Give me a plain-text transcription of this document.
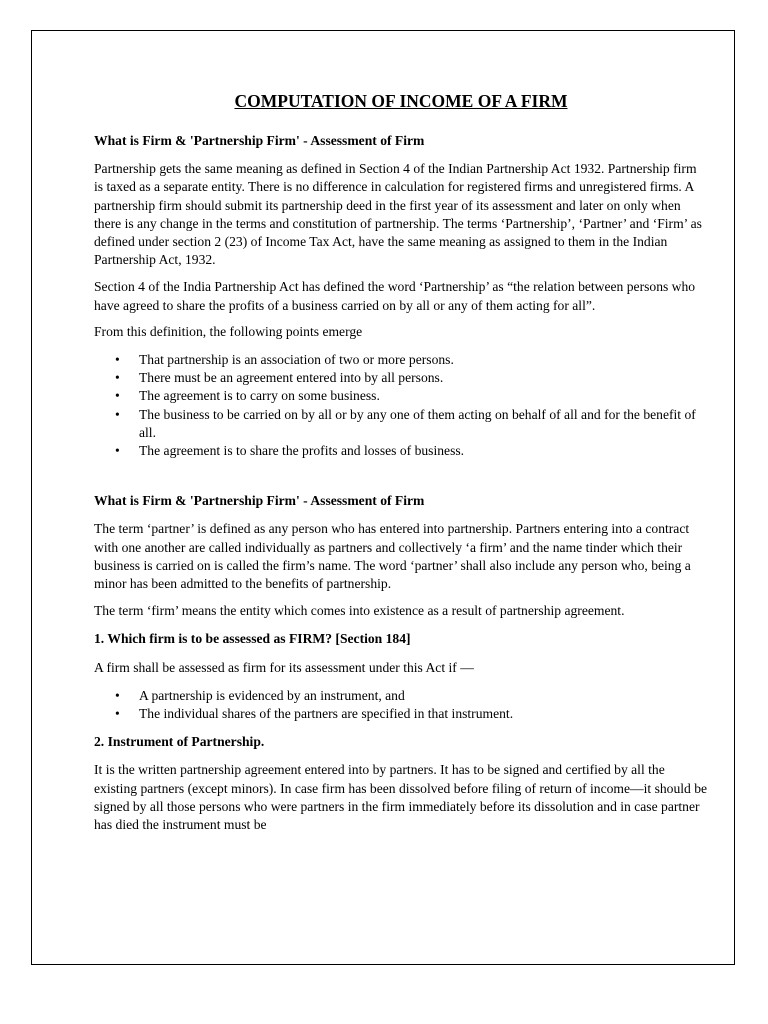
COMPUTATION OF INCOME OF A FIRM

What is Firm & 'Partnership Firm' - Assessment of Firm

Partnership gets the same meaning as defined in Section 4 of the Indian Partnership Act 1932. Partnership firm is taxed as a separate entity. There is no difference in calculation for registered firms and unregistered firms. A partnership firm should submit its partnership deed in the first year of its assessment and later on only when there is any change in the terms and constitution of partnership. The terms ‘Partnership’, ‘Partner’ and ‘Firm’ as defined under section 2 (23) of Income Tax Act, have the same meaning as assigned to them in the Indian Partnership Act, 1932.

Section 4 of the India Partnership Act has defined the word ‘Partnership’ as “the relation between persons who have agreed to share the profits of a business carried on by all or any of them acting for all”.

From this definition, the following points emerge

• That partnership is an association of two or more persons.
• There must be an agreement entered into by all persons.
• The agreement is to carry on some business.
• The business to be carried on by all or by any one of them acting on behalf of all and for the benefit of all.
• The agreement is to share the profits and losses of business.

What is Firm & 'Partnership Firm' - Assessment of Firm

The term ‘partner’ is defined as any person who has entered into partnership. Partners entering into a contract with one another are called individually as partners and collectively ‘a firm’ and the name tinder which their business is carried on is called the firm’s name. The word ‘partner’ shall also include any person who, being a minor has been admitted to the benefits of partnership.

The term ‘firm’ means the entity which comes into existence as a result of partnership agreement.

1. Which firm is to be assessed as FIRM? [Section 184]

A firm shall be assessed as firm for its assessment under this Act if —

• A partnership is evidenced by an instrument, and
• The individual shares of the partners are specified in that instrument.

2. Instrument of Partnership.

It is the written partnership agreement entered into by partners. It has to be signed and certified by all the existing partners (except minors). In case firm has been dissolved before filing of return of income—it should be signed by all those persons who were partners in the firm immediately before its dissolution and in case partner has died the instrument must be
